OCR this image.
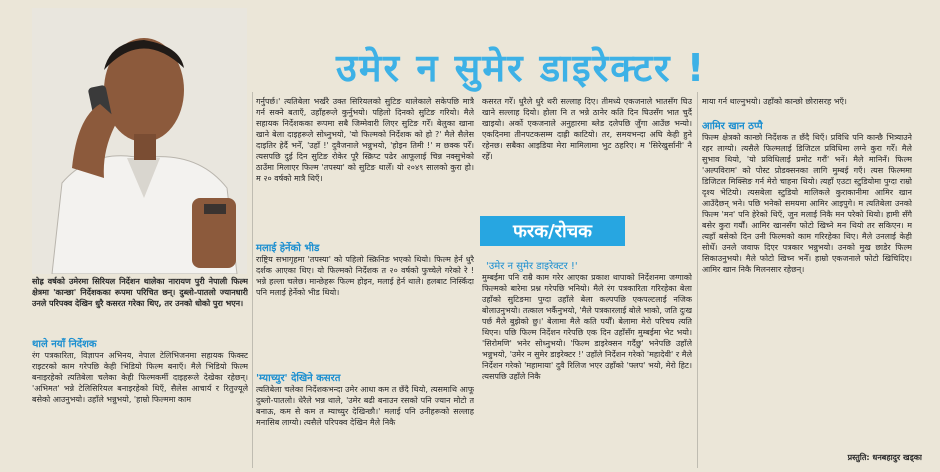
उमेर न सुमेर डाइरेक्टर !
सोह्र वर्षको उमेरमा सिरियल निर्देशन थालेका नारायण पुरी नेपाली फिल्म क्षेत्रमा 'कान्छा' निर्देशकका रूपमा परिचित छन्। दुब्लो-पातलो ज्यानधारी उनले परिपक्व देखिन धुरै कसरत गरेका थिए, तर उनको धोको पुरा भएन।
थाले नयाँ निर्देशक
रंग पत्रकारिता, विज्ञापन अभिनय, नेपाल टेलिभिजनमा सहायक फिक्स्ट राइटरको काम गरेपछि केही भिडियो फिल्म बनाएँ। मैले भिडियो फिल्म बनाइरहेको त्यतिबेला चलेका केही फिल्मकर्मी दाइहरूले देखेका रहेछन्। 'अभिमत' भन्ने टेलिसिरियल बनाइरहेको थिएँ, सैलेस आचार्य र रितुज्यूले बसेको आउनुभयो। उहाँले भन्नुभयो, 'हाम्रो फिल्ममा काम
गर्नुपर्छ।' त्यतिबेला भर्खरै उक्त सिरियलको सुटिङ थालेकाले सकेपछि मात्रै गर्न सक्ने बताएँ, उहाँहरूले कुर्नुभयो। पहिलो दिनको सुटिङ गरियो। मैले सहायक निर्देशकका रूपमा सबै जिम्मेवारी लिएर सुटिङ गरेँ। बेलुका खाना खाने बेला दाइहरूले सोध्नुभयो, 'यो फिल्मको निर्देशक को हो ?' मैले सैलेस दाइतिर हेर्दै भनेँ, 'उहाँ !' दुवैजनाले भन्नुभयो, 'होइन तिमी !' म छक्क परेँ। त्यसपछि दुई दिन सुटिङ रोकेर पूरै स्क्रिप्ट पढेर आफूलाई चिन्न नक्सुभेको ठाउँमा मिलाएर फिल्म 'तपस्या' को सुटिङ थालेँ। यो २०४९ सालको कुरा हो। म २० वर्षको मात्रै थिएँ।
मलाई हेर्नेको भीड
राष्ट्रिय सभागृहमा 'तपस्या' को पहिलो स्क्रिनिङ भएको थियो। फिल्म हेर्न धुरै दर्शक आएका थिए। यो फिल्मको निर्देशक त २० वर्षको फुच्चेले गरेको रे ! भन्ने हल्ला चलेछ। मान्छेहरू फिल्म होइन, मलाई हेर्न थाले। हलबाट निस्किँदा पनि मलाई हेर्नेको भीड थियो।
'म्याच्युर' देखिने कसरत
त्यतिबेला चलेका निर्देशकभन्दा उमेर आधा कम त छँदै थियो, त्यसमाथि आफू दुब्लो-पातलो। धेरैले भन्न थाले, 'उमेर बढी बनाउन रसको पनि ज्यान मोटो त बनाऊ, कम से कम त म्याच्युर देखिन्छौ।' मलाई पनि उनीहरूको सल्लाह मनासिब लाग्यो। त्यसैले परिपक्व देखिन मैले निकै
कसरत गरेँ। धुरैले धुरै थरी सल्लाह दिए। तीमध्ये एकजनाले भातसँग घिउ खाने सल्लाह दियो। होला नि त भन्ने ठानेर कति दिन घिउसँग भात चुर्दै खाइयो। अर्को एकजनाले अनुहारमा ब्लेड दलेपछि जुँगा आउँछ भन्यो। एकदिनमा तीनपटकसम्म दाह्री काटियो। तर, समयभन्दा अघि केही हुने रहेनछ। सबैका आइडिया मेरा मामिलामा भुट ठहरिए। म 'सिरेखुर्सानी' नै रहेँ।
फरक/रोचक
'उमेर न सुमेर डाइरेक्टर !'
मुम्बईमा पनि राम्रै काम गरेर आएका प्रकाश थापाको निर्देशनमा जग्गाको फिल्मको बारेमा प्रश्न गरेपछि भनियो। मैले रंग पत्रकारिता गरिरहेका बेला उहाँको सुटिङमा पुग्दा उहाँले बेला कल्पपछि एकपल्टलाई नजिक बोलाउनुभयो। तत्काल भर्कैनुभयो, 'मैले पत्रकारलाई बोले भाको, जति दुःख पर्छ मैले बुझेको छु।' बेलामा मैले कति पर्यौँ। बेलामा मेरो परिचय त्यति थिएन। पछि फिल्म निर्देशन गरेपछि एक दिन उहाँसँग मुम्बईमा भेट भयो। 'सिरोमणि' भनेर सोध्नुभयो। 'फिल्म डाइरेक्सन गर्दैछु' भनेपछि उहाँले भन्नुभयो, 'उमेर न सुमेर डाइरेक्टर !' उहाँले निर्देशन गरेको 'महादेवी' र मैले निर्देशन गरेको 'महामाया' दुवै रिलिज भएर उहाँको 'फ्लप' भयो, मेरो हिट। त्यसपछि उहाँले निकै
माया गर्न थाल्नुभयो। उहाँको कान्छो छोरासरह भएँ।
आमिर खान ठप्पै
फिल्म क्षेत्रको कान्छो निर्देशक त छँदै थिएँ। प्रविधि पनि कान्छै भित्र्याउने रहर लाग्यो। त्यसैले फिल्मलाई डिजिटल प्रविधिमा लग्ने कुरा गरेँ। मैले सुभाव थियो, 'यो प्रविधिलाई प्रमोट गरौं' भनें। मैले मानिनँ। फिल्म 'अल्पविराम' को पोस्ट प्रोडक्सनका लागि मुम्बई गएँ। त्यस फिल्ममा डिजिटल मिक्सिङ गर्न मेरो चाहना थियो। त्यहाँ एउटा स्टुडियोमा पुग्दा राम्रो दृश्य भेटियो। त्यसबेला स्टुडियो मालिकले कुराकानीमा आमिर खान आउँदैछन् भने। पछि भनेको समयमा आमिर आइपुगे। म त्यतिबेला उनको फिल्म 'मन' पनि हेरेको थिएँ, जुन मलाई निकै मन परेको थियो। हामी सँगै बसेर कुरा गर्यौं। आमिर खानसँग फोटो खिच्ने मन थियो तर सकिएन। म त्यहाँ बसेको दिन उनी फिल्मको काम गरिरहेका थिए। मैले उनलाई केही सोधेँ। उनले जवाफ दिएर पत्रकार भन्नुभयो। उनको मुख छाडेर फिल्म सिकाउनुभयो। मैले फोटो खिच्न भनेँ। हाम्रो एकजनाले फोटो खिचिदिए। आमिर खान निकै मिलनसार रहेछन्।
प्रस्तुति: धनबहादुर खड्का
